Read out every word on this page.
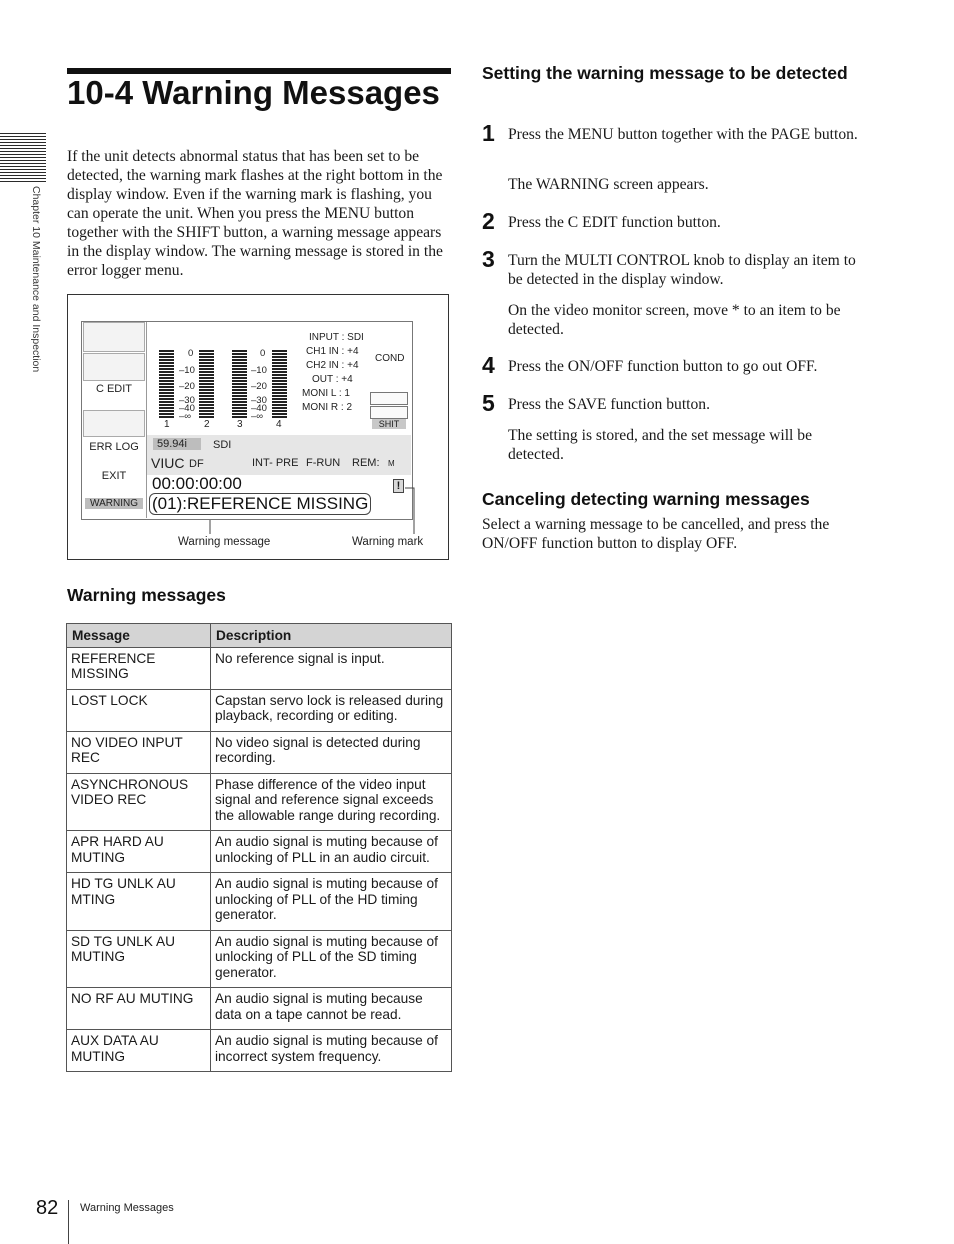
Chapter 10 Maintenance and Inspection
10-4 Warning Messages

If the unit detects abnormal status that has been set to be detected, the warning mark flashes at the right bottom in the display window. Even if the warning mark is flashing, you can operate the unit. When you press the MENU button together with the SHIFT button, a warning message appears in the display window. The warning message is stored in the error logger menu.

C EDIT
ERR LOG
EXIT
WARNING
0
–10
–20
–30
–40
–∞
0
–10
–20
–30
–40
–∞
1	2	3	4
INPUT : SDI
CH1 IN : +4
CH2 IN : +4
OUT : +4
MONI L : 1
MONI R : 2
COND
SHIT
59.94i	SDI
VIUC DF	INT- PRE F-RUN REM: M
00:00:00:00	!
(01):REFERENCE MISSING
Warning message	Warning mark
Warning messages
Message	Description
REFERENCE MISSING	No reference signal is input.
LOST LOCK	Capstan servo lock is released during playback, recording or editing.
NO VIDEO INPUT REC	No video signal is detected during recording.
ASYNCHRONOUS VIDEO REC	Phase difference of the video input signal and reference signal exceeds the allowable range during recording.
APR HARD AU MUTING	An audio signal is muting because of unlocking of PLL in an audio circuit.
HD TG UNLK AU MTING	An audio signal is muting because of unlocking of PLL of the HD timing generator.
SD TG UNLK AU MUTING	An audio signal is muting because of unlocking of PLL of the SD timing generator.
NO RF AU MUTING	An audio signal is muting because data on a tape cannot be read.
AUX DATA AU MUTING	An audio signal is muting because of incorrect system frequency.
Setting the warning message to be detected
1 Press the MENU button together with the PAGE button.

The WARNING screen appears.

2 Press the C EDIT function button.

3 Turn the MULTI CONTROL knob to display an item to be detected in the display window.

On the video monitor screen, move * to an item to be detected.

4 Press the ON/OFF function button to go out OFF.

5 Press the SAVE function button.

The setting is stored, and the set message will be detected.

Canceling detecting warning messages

Select a warning message to be cancelled, and press the ON/OFF function button to display OFF.

82 Warning Messages
